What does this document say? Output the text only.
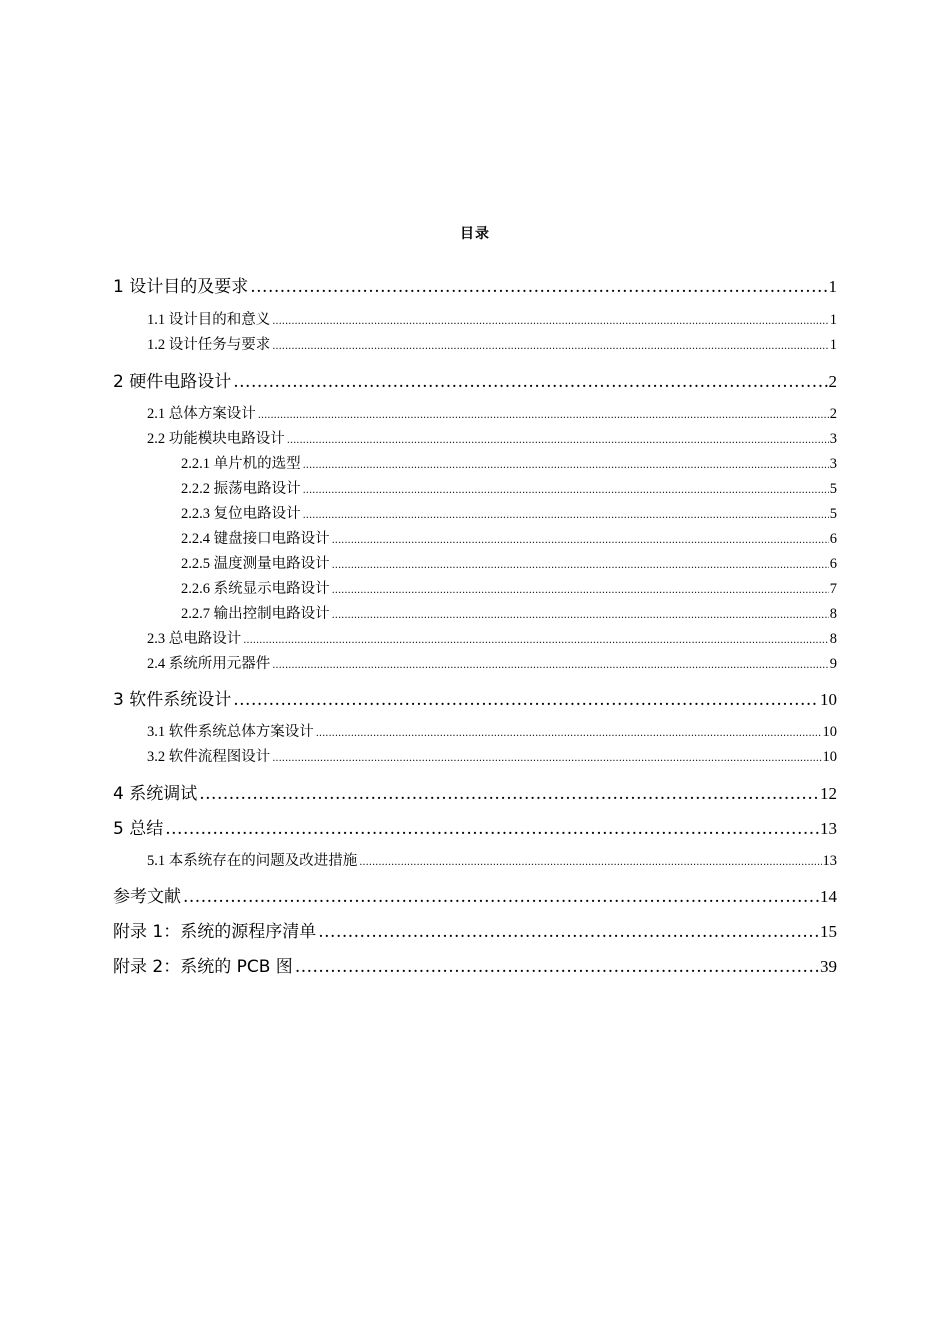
目录
1 设计目的及要求 .....	1
1.1 设计目的和意义 .....	1
1.2 设计任务与要求 .....	1
2 硬件电路设计 .....	2
2.1 总体方案设计 .....	2
2.2 功能模块电路设计 .....	3
2.2.1 单片机的选型 .....	3
2.2.2 振荡电路设计 .....	5
2.2.3 复位电路设计 .....	5
2.2.4 键盘接口电路设计 .....	6
2.2.5 温度测量电路设计 .....	6
2.2.6 系统显示电路设计 .....	7
2.2.7 输出控制电路设计 .....	8
2.3 总电路设计 .....	8
2.4 系统所用元器件 .....	9
3 软件系统设计 .....	10
3.1 软件系统总体方案设计 .....	10
3.2 软件流程图设计 .....	10
4 系统调试 .....	12
5 总结 .....	13
5.1 本系统存在的问题及改进措施 .....	13
参考文献 .....	14
附录 1：系统的源程序清单 .....	15
附录 2：系统的 PCB 图 .....	39
